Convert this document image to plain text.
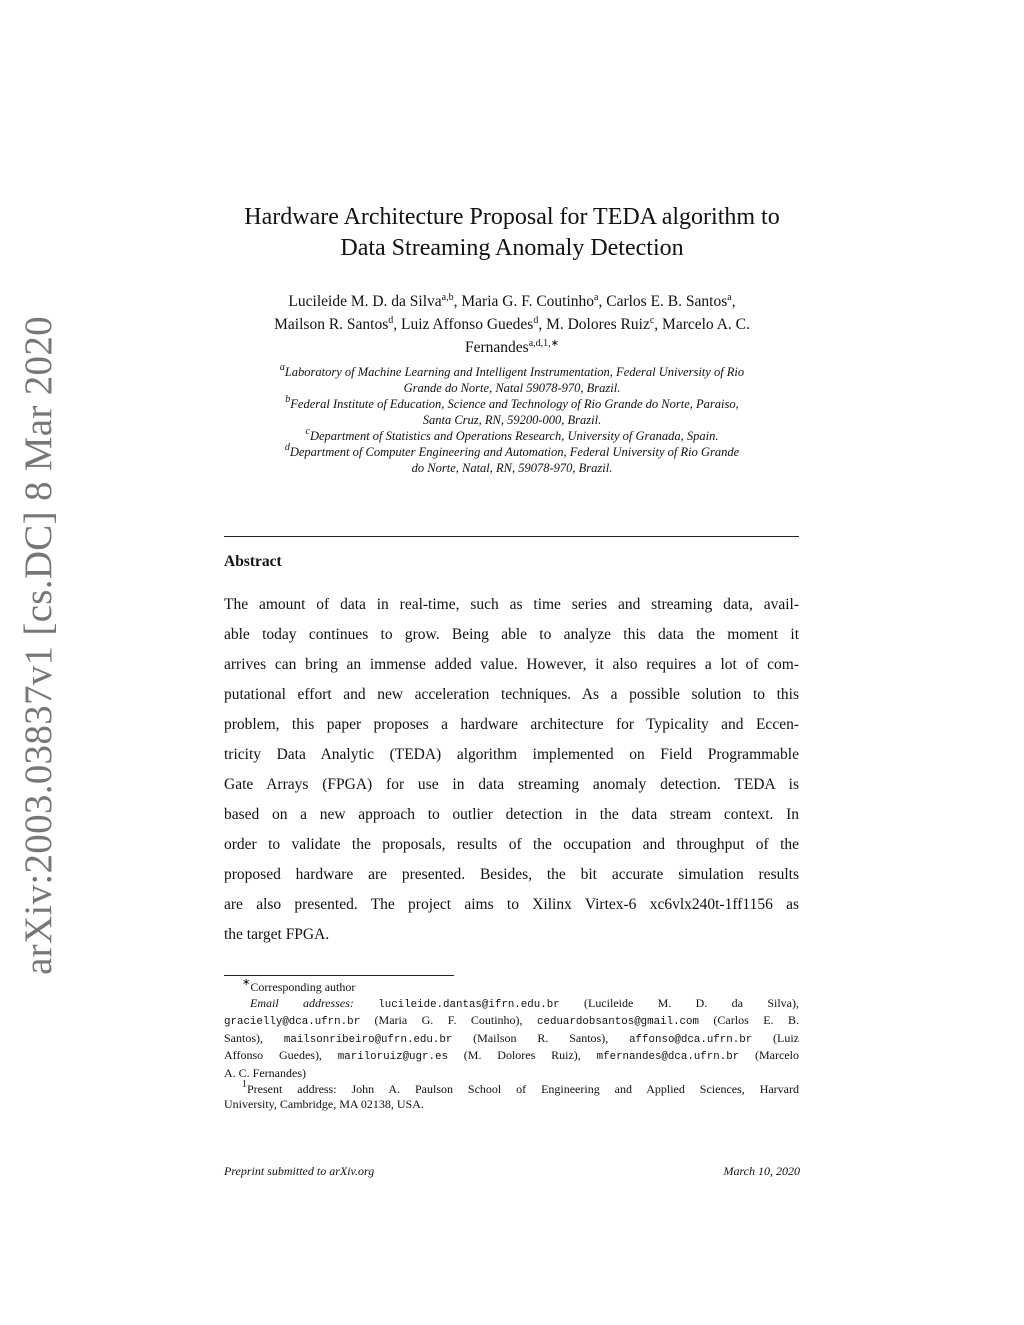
arXiv:2003.03837v1 [cs.DC] 8 Mar 2020
Hardware Architecture Proposal for TEDA algorithm to
Data Streaming Anomaly Detection

Lucileide M. D. da Silva$^{a,b}$, Maria G. F. Coutinho$^a$, Carlos E. B. Santos$^a$,

Mailson R. Santos$^d$, Luiz Affonso Guedes$^d$, M. Dolores Ruiz$^c$, Marcelo A. C.

Fernandes$^{a,d,1,∗}$

$^a$Laboratory of Machine Learning and Intelligent Instrumentation, Federal University of Rio

Grande do Norte, Natal 59078-970, Brazil.

$^b$Federal Institute of Education, Science and Technology of Rio Grande do Norte, Paraiso,

Santa Cruz, RN, 59200-000, Brazil.

$^c$Department of Statistics and Operations Research, University of Granada, Spain.

$^d$Department of Computer Engineering and Automation, Federal University of Rio Grande

do Norte, Natal, RN, 59078-970, Brazil.

Abstract
The amount of data in real-time, such as time series and streaming data, avail-
able today continues to grow. Being able to analyze this data the moment it
arrives can bring an immense added value. However, it also requires a lot of com-
putational effort and new acceleration techniques. As a possible solution to this
problem, this paper proposes a hardware architecture for Typicality and Eccen-
tricity Data Analytic (TEDA) algorithm implemented on Field Programmable
Gate Arrays (FPGA) for use in data streaming anomaly detection. TEDA is
based on a new approach to outlier detection in the data stream context. In
order to validate the proposals, results of the occupation and throughput of the
proposed hardware are presented. Besides, the bit accurate simulation results
are also presented. The project aims to Xilinx Virtex-6 xc6vlx240t-1ff1156 as
the target FPGA.
∗Corresponding author
Email addresses: lucileide.dantas@ifrn.edu.br (Lucileide M. D. da Silva),
gracielly@dca.ufrn.br (Maria G. F. Coutinho), ceduardobsantos@gmail.com (Carlos E. B.
Santos), mailsonribeiro@ufrn.edu.br (Mailson R. Santos), affonso@dca.ufrn.br (Luiz
Affonso Guedes), mariloruiz@ugr.es (M. Dolores Ruiz), mfernandes@dca.ufrn.br (Marcelo
A. C. Fernandes)
$^1$Present address: John A. Paulson School of Engineering and Applied Sciences, Harvard
University, Cambridge, MA 02138, USA.
Preprint submitted to arXiv.org	March 10, 2020
